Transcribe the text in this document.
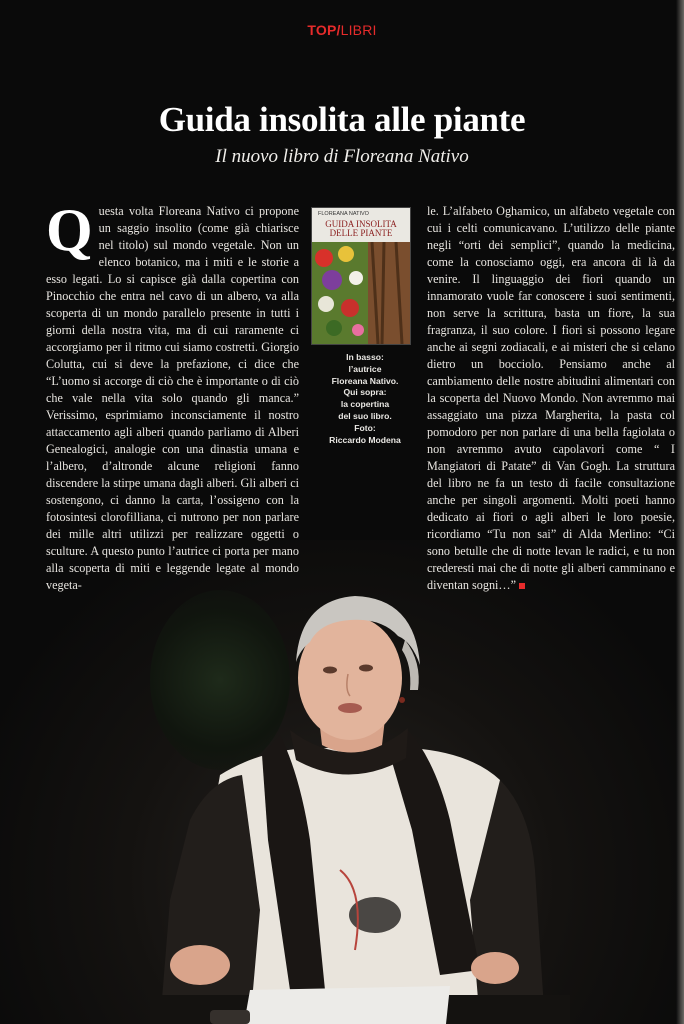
TOP/LIBRI
Guida insolita alle piante
Il nuovo libro di Floreana Nativo
Questa volta Floreana Nativo ci propone un saggio insolito (come già chiarisce nel titolo) sul mondo vegetale. Non un elenco botanico, ma i miti e le storie a esso legati. Lo si capisce già dalla copertina con Pinocchio che entra nel cavo di un albero, va alla scoperta di un mondo parallelo presente in tutti i giorni della nostra vita, ma di cui raramente ci accorgiamo per il ritmo cui siamo costretti. Giorgio Colutta, cui si deve la prefazione, ci dice che “L’uomo si accorge di ciò che è importante o di ciò che vale nella vita solo quando gli manca.” Verissimo, esprimiamo inconsciamente il nostro attaccamento agli alberi quando parliamo di Alberi Genealogici, analogie con una dinastia umana e l’albero, d’altronde alcune religioni fanno discendere la stirpe umana dagli alberi. Gli alberi ci sostengono, ci danno la carta, l’ossigeno con la fotosintesi clorofilliana, ci nutrono per non parlare dei mille altri utilizzi per realizzare oggetti o sculture. A questo punto l’autrice ci porta per mano alla scoperta di miti e leggende legate al mondo vegeta-
FLOREANA NATIVO
GUIDA INSOLITA DELLE PIANTE
In basso:
l’autrice
Floreana Nativo.
Qui sopra:
la copertina
del suo libro.
Foto:
Riccardo Modena
le. L’alfabeto Oghamico, un alfabeto vegetale con cui i celti comunicavano. L’utilizzo delle piante negli “orti dei semplici”, quando la medicina, come la conosciamo oggi, era ancora di là da venire. Il linguaggio dei fiori quando un innamorato vuole far conoscere i suoi sentimenti, non serve la scrittura, basta un fiore, la sua fragranza, il suo colore. I fiori si possono legare anche ai segni zodiacali, e ai misteri che si celano dietro un bocciolo. Pensiamo anche al cambiamento delle nostre abitudini alimentari con la scoperta del Nuovo Mondo. Non avremmo mai assaggiato una pizza Margherita, la pasta col pomodoro per non parlare di una bella fagiolata o non avremmo avuto capolavori come “ I Mangiatori di Patate” di Van Gogh. La struttura del libro ne fa un testo di facile consultazione anche per singoli argomenti. Molti poeti hanno dedicato ai fiori o agli alberi le loro poesie, ricordiamo “Tu non sai” di Alda Merlino: “Ci sono betulle che di notte levan le radici, e tu non crederesti mai che di notte gli alberi camminano e diventan sogni…”
